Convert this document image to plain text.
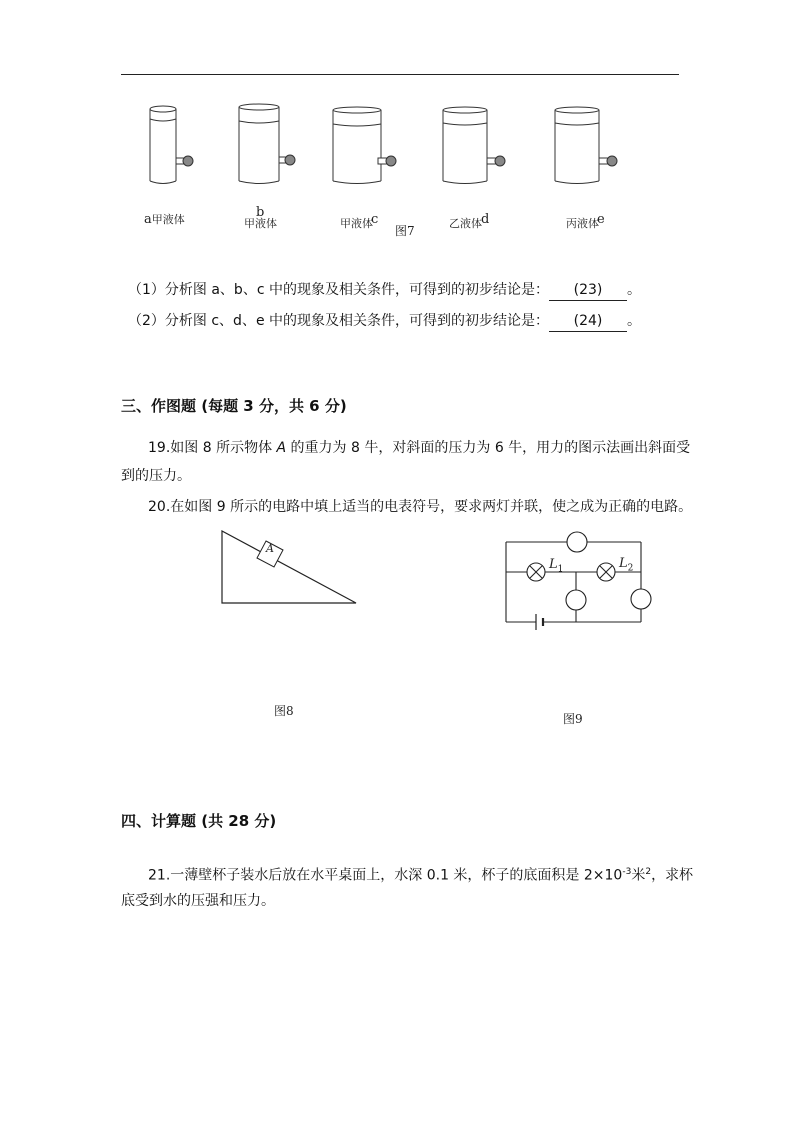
a甲液体	甲液体
b
甲液体$^c$	乙液体$^d$	丙液体$^e$
图7
（1）分析图 a、b、c 中的现象及相关条件，可得到的初步结论是： (23) 。
（2）分析图 c、d、e 中的现象及相关条件，可得到的初步结论是： (24) 。
三、作图题 (每题 3 分，共 6 分)
19.如图 8 所示物体 A 的重力为 8 牛，对斜面的压力为 6 牛，用力的图示法画出斜面受
到的压力。
20.在如图 9 所示的电路中填上适当的电表符号，要求两灯并联，使之成为正确的电路。
A
图8
$L_1$	$L_2$
图9
四、计算题 (共 28 分)
21.一薄壁杯子装水后放在水平桌面上，水深 0.1 米，杯子的底面积是 $2\times 10^{-3}$米$^2$，求杯
底受到水的压强和压力。
